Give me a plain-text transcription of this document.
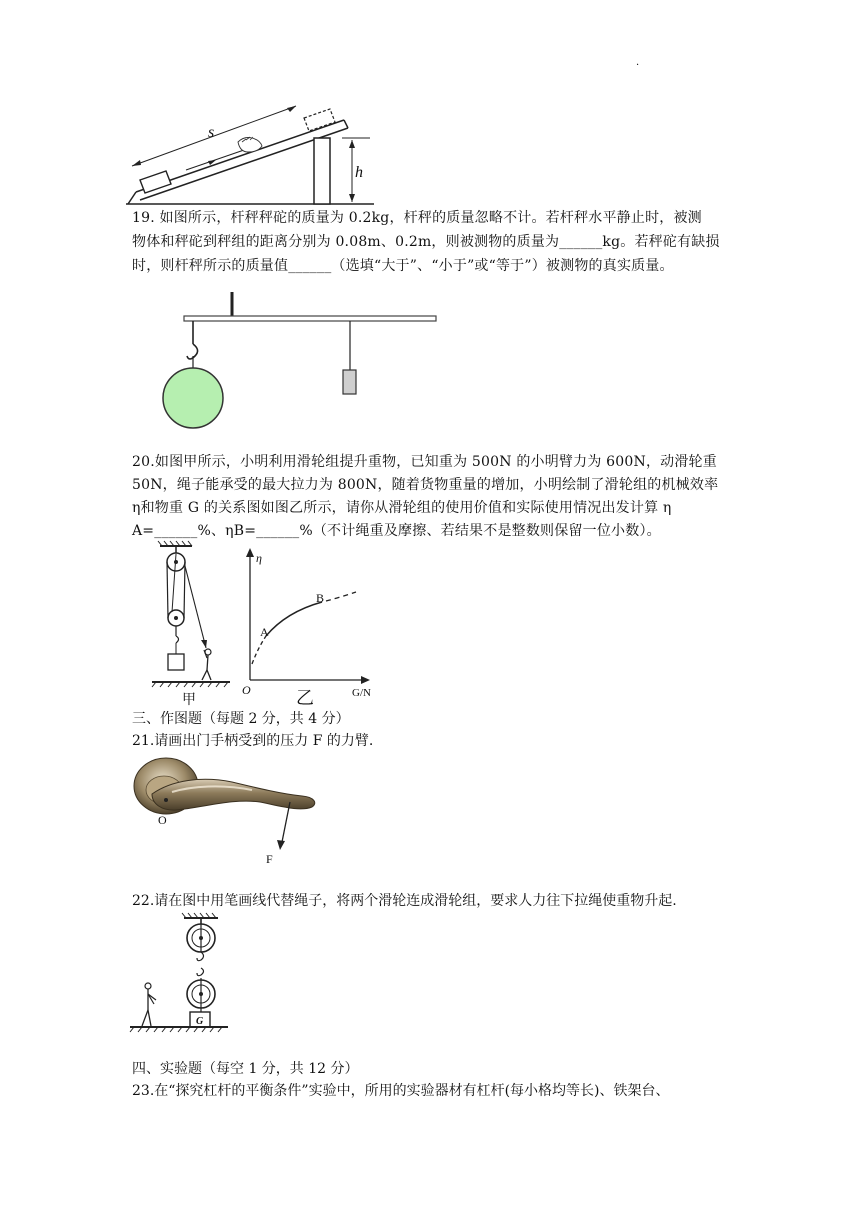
·
s
h
19. 如图所示，杆秤秤砣的质量为 0.2kg，杆秤的质量忽略不计。若杆秤水平静止时，被测
物体和秤砣到秤组的距离分别为 0.08m、0.2m，则被测物的质量为______kg。若秤砣有缺损
时，则杆秤所示的质量值______（选填“大于”、“小于”或“等于”）被测物的真实质量。
20.如图甲所示，小明利用滑轮组提升重物，已知重为 500N 的小明臂力为 600N，动滑轮重
50N，绳子能承受的最大拉力为 800N，随着货物重量的增加，小明绘制了滑轮组的机械效率
η和物重 G 的关系图如图乙所示，请你从滑轮组的使用价值和实际使用情况出发计算 η
A=______%、ηB=______%（不计绳重及摩擦、若结果不是整数则保留一位小数）。
甲
η
G/N
O	乙
A
B
三、作图题（每题 2 分，共 4 分）
21.请画出门手柄受到的压力 F 的力臂.
O
F
22.请在图中用笔画线代替绳子，将两个滑轮连成滑轮组，要求人力往下拉绳使重物升起.
G
四、实验题（每空 1 分，共 12 分）
23.在“探究杠杆的平衡条件”实验中，所用的实验器材有杠杆(每小格均等长)、铁架台、
